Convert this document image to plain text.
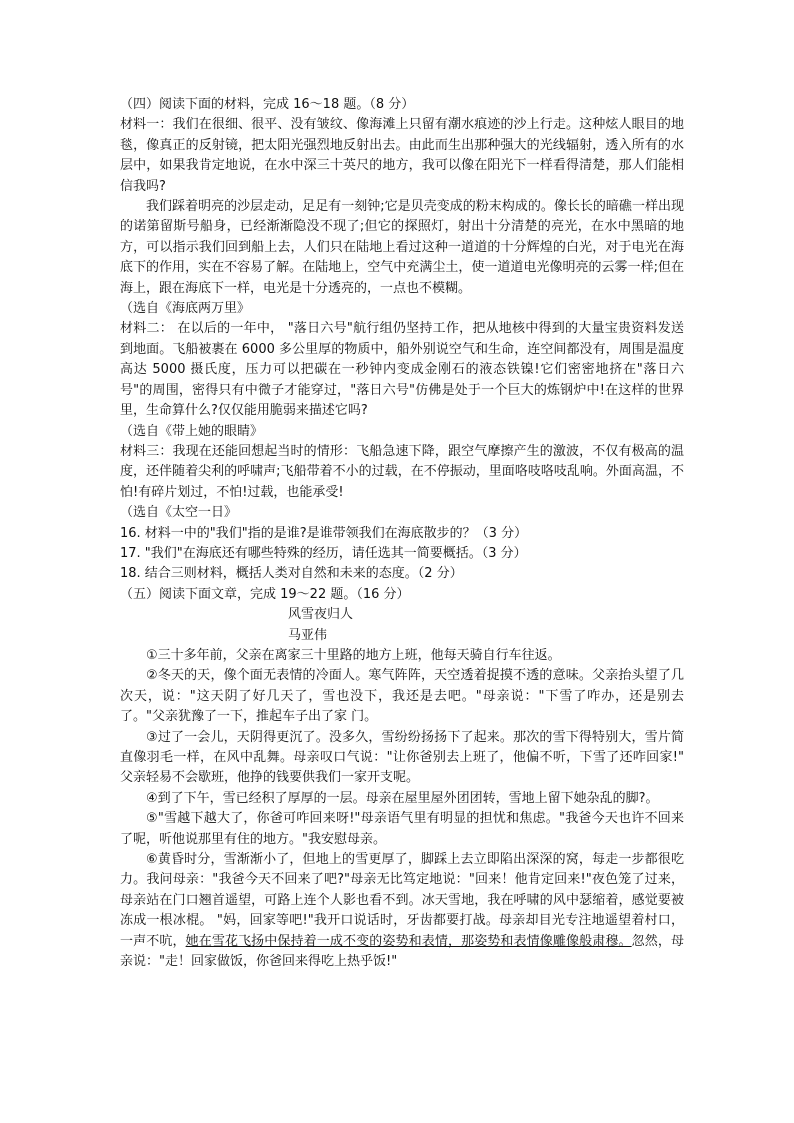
（四）阅读下面的材料，完成 16～18 题。（8 分）

材料一：我们在很细、很平、没有皱纹、像海滩上只留有潮水痕迹的沙上行走。这种炫人眼目的地毯，像真正的反射镜，把太阳光强烈地反射出去。由此而生出那种强大的光线辐射，透入所有的水层中，如果我肯定地说，在水中深三十英尺的地方，我可以像在阳光下一样看得清楚，那人们能相信我吗?

我们踩着明亮的沙层走动，足足有一刻钟;它是贝壳变成的粉末构成的。像长长的暗礁一样出现的诺第留斯号船身，已经渐渐隐没不现了;但它的探照灯，射出十分清楚的亮光，在水中黑暗的地方，可以指示我们回到船上去，人们只在陆地上看过这种一道道的十分辉煌的白光，对于电光在海底下的作用，实在不容易了解。在陆地上，空气中充满尘土，使一道道电光像明亮的云雾一样;但在海上，跟在海底下一样，电光是十分透亮的，一点也不模糊。

（选自《海底两万里》

材料二： 在以后的一年中， "落日六号"航行组仍坚持工作，把从地核中得到的大量宝贵资料发送到地面。飞船被裹在 6000 多公里厚的物质中，船外别说空气和生命，连空间都没有，周围是温度高达 5000 摄氏度，压力可以把碳在一秒钟内变成金刚石的液态铁镍!它们密密地挤在"落日六号"的周围，密得只有中微子才能穿过，"落日六号"仿佛是处于一个巨大的炼钢炉中!在这样的世界里，生命算什么?仅仅能用脆弱来描述它吗?

（选自《带上她的眼睛》

材料三：我现在还能回想起当时的情形：飞船急速下降，跟空气摩擦产生的激波，不仅有极高的温度，还伴随着尖利的呼啸声;飞船带着不小的过载，在不停振动，里面咯吱咯吱乱响。外面高温，不怕!有碎片划过，不怕!过载，也能承受!

（选自《太空一日》

16. 材料一中的"我们"指的是谁?是谁带领我们在海底散步的？（3 分）

17. "我们"在海底还有哪些特殊的经历，请任选其一简要概括。（3 分）

18. 结合三则材料，概括人类对自然和未来的态度。（2 分）

（五）阅读下面文章，完成 19～22 题。（16 分）

风雪夜归人

马亚伟

①三十多年前，父亲在离家三十里路的地方上班，他每天骑自行车往返。

②冬天的天，像个面无表情的冷面人。寒气阵阵，天空透着捉摸不透的意味。父亲抬头望了几次天，说："这天阴了好几天了，雪也没下，我还是去吧。"母亲说："下雪了咋办，还是别去了。"父亲犹豫了一下，推起车子出了家 门。

③过了一会儿，天阴得更沉了。没多久，雪纷纷扬扬下了起来。那次的雪下得特别大，雪片简直像羽毛一样，在风中乱舞。母亲叹口气说："让你爸别去上班了，他偏不听，下雪了还咋回家!" 父亲轻易不会歇班，他挣的钱要供我们一家开支呢。

④到了下午，雪已经积了厚厚的一层。母亲在屋里屋外团团转，雪地上留下她杂乱的脚?。

⑤"雪越下越大了，你爸可咋回来呀!"母亲语气里有明显的担忧和焦虑。"我爸今天也许不回来了呢，听他说那里有住的地方。"我安慰母亲。

⑥黄昏时分，雪渐渐小了，但地上的雪更厚了，脚踩上去立即陷出深深的窝，每走一步都很吃力。我问母亲："我爸今天不回来了吧?"母亲无比笃定地说："回来！他肯定回来!"夜色笼了过来，母亲站在门口翘首遥望，可路上连个人影也看不到。冰天雪地，我在呼啸的风中瑟缩着，感觉要被冻成一根冰棍。 "妈，回家等吧!"我开口说话时，牙齿都要打战。母亲却目光专注地遥望着村口，一声不吭，她在雪花飞扬中保持着一成不变的姿势和表情，那姿势和表情像雕像般肃穆。忽然，母亲说："走！回家做饭，你爸回来得吃上热乎饭!"
